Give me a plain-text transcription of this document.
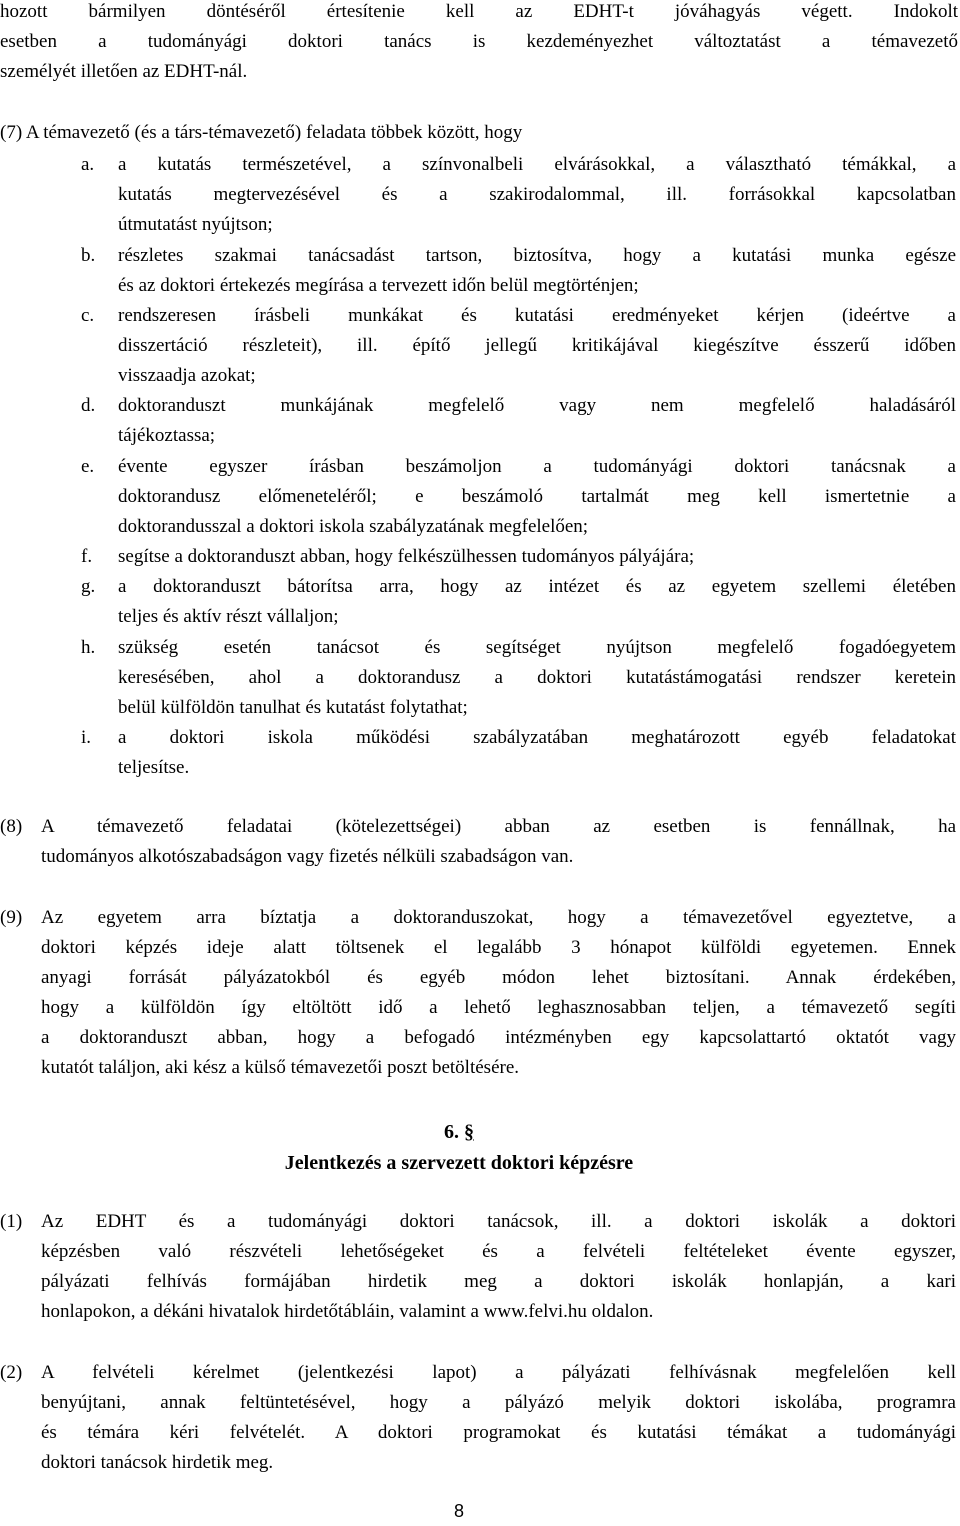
hozott bármilyen döntéséről értesítenie kell az EDHT-t jóváhagyás végett. Indokolt
esetben a tudományági doktori tanács is kezdeményezhet változtatást a témavezető
személyét illetően az EDHT-nál.
(7) A témavezető (és a társ-témavezető) feladata többek között, hogy
a.	a kutatás természetével, a színvonalbeli elvárásokkal, a választható témákkal, a
kutatás megtervezésével és a szakirodalommal, ill. forrásokkal kapcsolatban
útmutatást nyújtson;
b.	részletes szakmai tanácsadást tartson, biztosítva, hogy a kutatási munka egésze
és az doktori értekezés megírása a tervezett időn belül megtörténjen;
c.	rendszeresen írásbeli munkákat és kutatási eredményeket kérjen (ideértve a
disszertáció részleteit), ill. építő jellegű kritikájával kiegészítve ésszerű időben
visszaadja azokat;
d.	doktoranduszt munkájának megfelelő vagy nem megfelelő haladásáról
tájékoztassa;
e.	évente egyszer írásban beszámoljon a tudományági doktori tanácsnak a
doktorandusz előmeneteléről; e beszámoló tartalmát meg kell ismertetnie a
doktorandusszal a doktori iskola szabályzatának megfelelően;
f.	segítse a doktoranduszt abban, hogy felkészülhessen tudományos pályájára;
g.	a doktoranduszt bátorítsa arra, hogy az intézet és az egyetem szellemi életében
teljes és aktív részt vállaljon;
h.	szükség esetén tanácsot és segítséget nyújtson megfelelő fogadóegyetem
keresésében, ahol a doktorandusz a doktori kutatástámogatási rendszer keretein
belül külföldön tanulhat és kutatást folytathat;
i.	a doktori iskola működési szabályzatában meghatározott egyéb feladatokat
teljesítse.
(8) A témavezető feladatai (kötelezettségei) abban az esetben is fennállnak, ha
tudományos alkotószabadságon vagy fizetés nélküli szabadságon van.
(9) Az egyetem arra bíztatja a doktoranduszokat, hogy a témavezetővel egyeztetve, a
doktori képzés ideje alatt töltsenek el legalább 3 hónapot külföldi egyetemen. Ennek
anyagi forrását pályázatokból és egyéb módon lehet biztosítani. Annak érdekében,
hogy a külföldön így eltöltött idő a lehető leghasznosabban teljen, a témavezető segíti
a doktoranduszt abban, hogy a befogadó intézményben egy kapcsolattartó oktatót vagy
kutatót találjon, aki kész a külső témavezetői poszt betöltésére.
6. §
Jelentkezés a szervezett doktori képzésre
(1) Az EDHT és a tudományági doktori tanácsok, ill. a doktori iskolák a doktori
képzésben való részvételi lehetőségeket és a felvételi feltételeket évente egyszer,
pályázati felhívás formájában hirdetik meg a doktori iskolák honlapján, a kari
honlapokon, a dékáni hivatalok hirdetőtábláin, valamint a www.felvi.hu oldalon.
(2) A felvételi kérelmet (jelentkezési lapot) a pályázati felhívásnak megfelelően kell
benyújtani, annak feltüntetésével, hogy a pályázó melyik doktori iskolába, programra
és témára kéri felvételét. A doktori programokat és kutatási témákat a tudományági
doktori tanácsok hirdetik meg.
8
